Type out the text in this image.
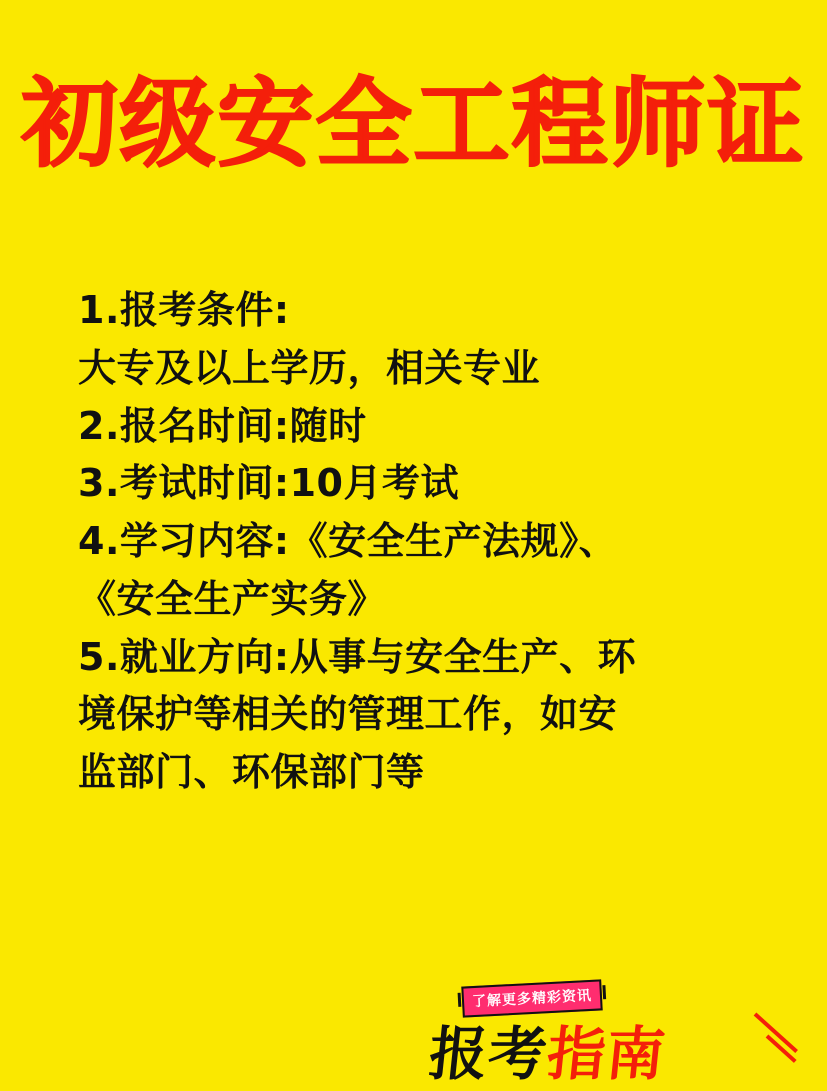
初级安全工程师证
1.报考条件:
大专及以上学历，相关专业
2.报名时间:随时
3.考试时间:10月考试
4.学习内容:《安全生产法规》、
《安全生产实务》
5.就业方向:从事与安全生产、环
境保护等相关的管理工作，如安
监部门、环保部门等
了解更多精彩资讯
报考指南
